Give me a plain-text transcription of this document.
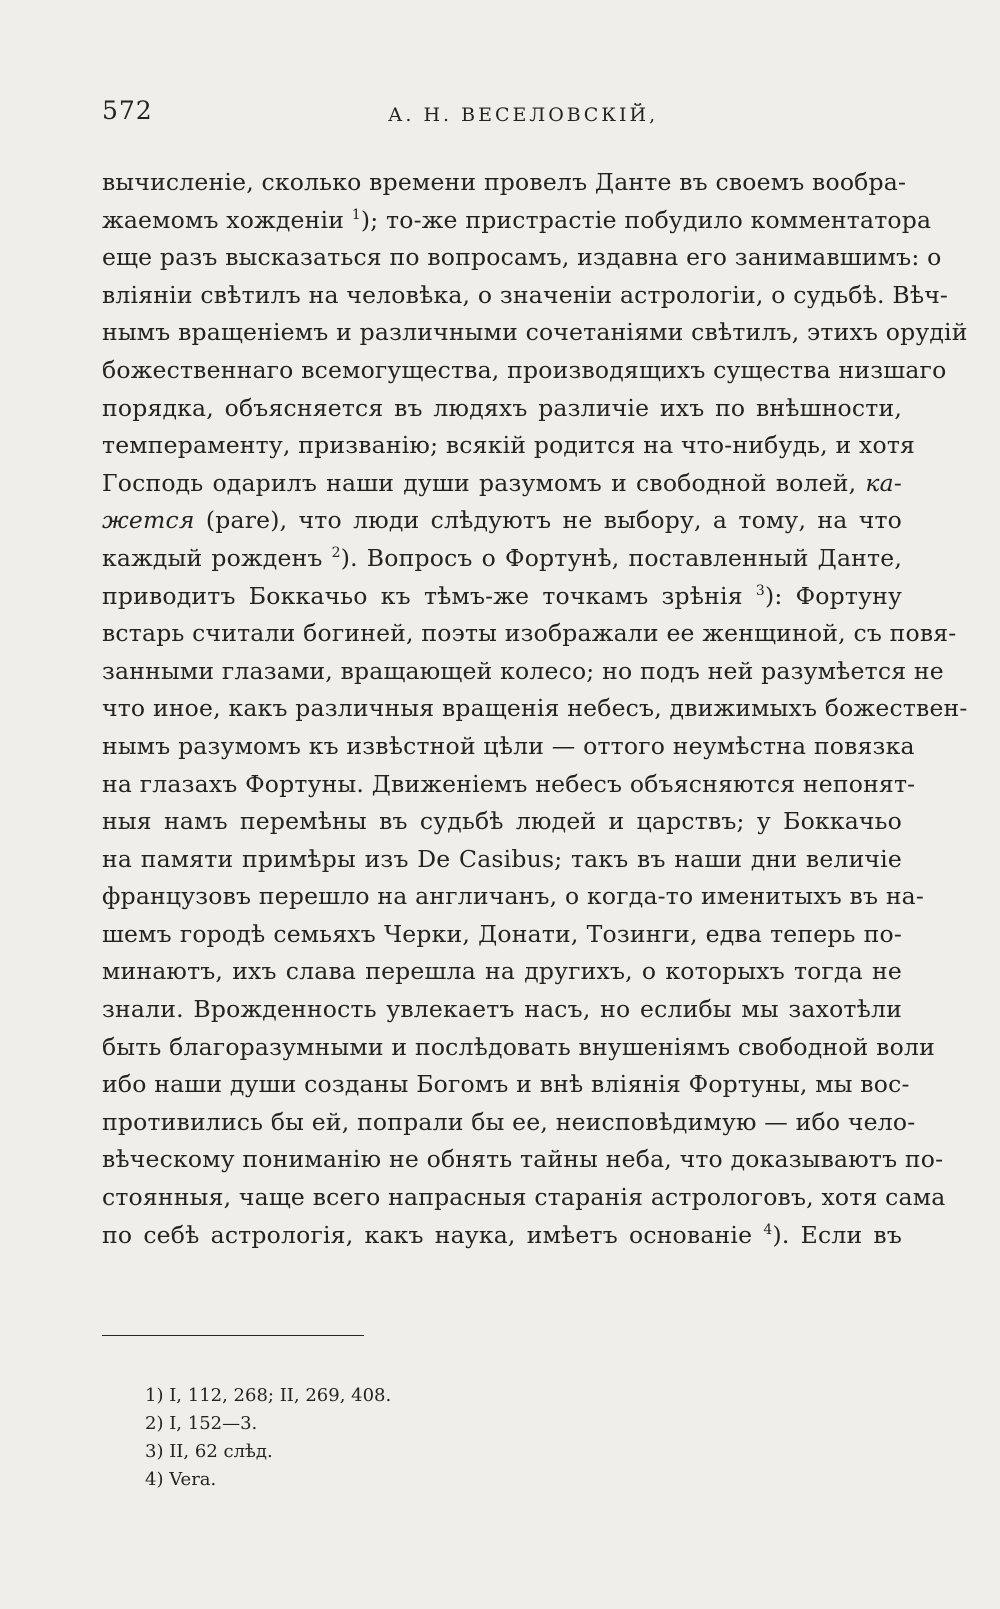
572	А. Н. ВЕСЕЛОВСКІЙ,
вычисленіе, сколько времени провелъ Данте въ своемъ вообра-
жаемомъ хожденіи $^1$); то-же пристрастіе побудило комментатора
еще разъ высказаться по вопросамъ, издавна его занимавшимъ: о
вліяніи свѣтилъ на человѣка, о значеніи астрологіи, о судьбѣ. Вѣч-
нымъ вращеніемъ и различными сочетаніями свѣтилъ, этихъ орудій
божественнаго всемогущества, производящихъ существа низшаго
порядка, объясняется въ людяхъ различіе ихъ по внѣшности,
темпераменту, призванію; всякій родится на что-нибудь, и хотя
Господь одарилъ наши души разумомъ и свободной волей, ка-
жется (pare), что люди слѣдуютъ не выбору, а тому, на что
каждый рожденъ $^2$). Вопросъ о Фортунѣ, поставленный Данте,
приводитъ Боккачьо къ тѣмъ-же точкамъ зрѣнія $^3$): Фортуну
встарь считали богиней, поэты изображали ее женщиной, съ повя-
занными глазами, вращающей колесо; но подъ ней разумѣется не
что иное, какъ различныя вращенія небесъ, движимыхъ божествен-
нымъ разумомъ къ извѣстной цѣли — оттого неумѣстна повязка
на глазахъ Фортуны. Движеніемъ небесъ объясняются непонят-
ныя намъ перемѣны въ судьбѣ людей и царствъ; у Боккачьо
на памяти примѣры изъ De Casibus; такъ въ наши дни величіе
французовъ перешло на англичанъ, о когда-то именитыхъ въ на-
шемъ городѣ семьяхъ Черки, Донати, Тозинги, едва теперь по-
минаютъ, ихъ слава перешла на другихъ, о которыхъ тогда не
знали. Врожденность увлекаетъ насъ, но еслибы мы захотѣли
быть благоразумными и послѣдовать внушеніямъ свободной воли
ибо наши души созданы Богомъ и внѣ вліянія Фортуны, мы вос-
противились бы ей, попрали бы ее, неисповѣдимую — ибо чело-
вѣческому пониманію не обнять тайны неба, что доказываютъ по-
стоянныя, чаще всего напрасныя старанія астрологовъ, хотя сама
по себѣ астрологія, какъ наука, имѣетъ основаніе $^4$). Если въ
1) I, 112, 268; II, 269, 408.
2) I, 152—3.
3) II, 62 слѣд.
4) Vera.
